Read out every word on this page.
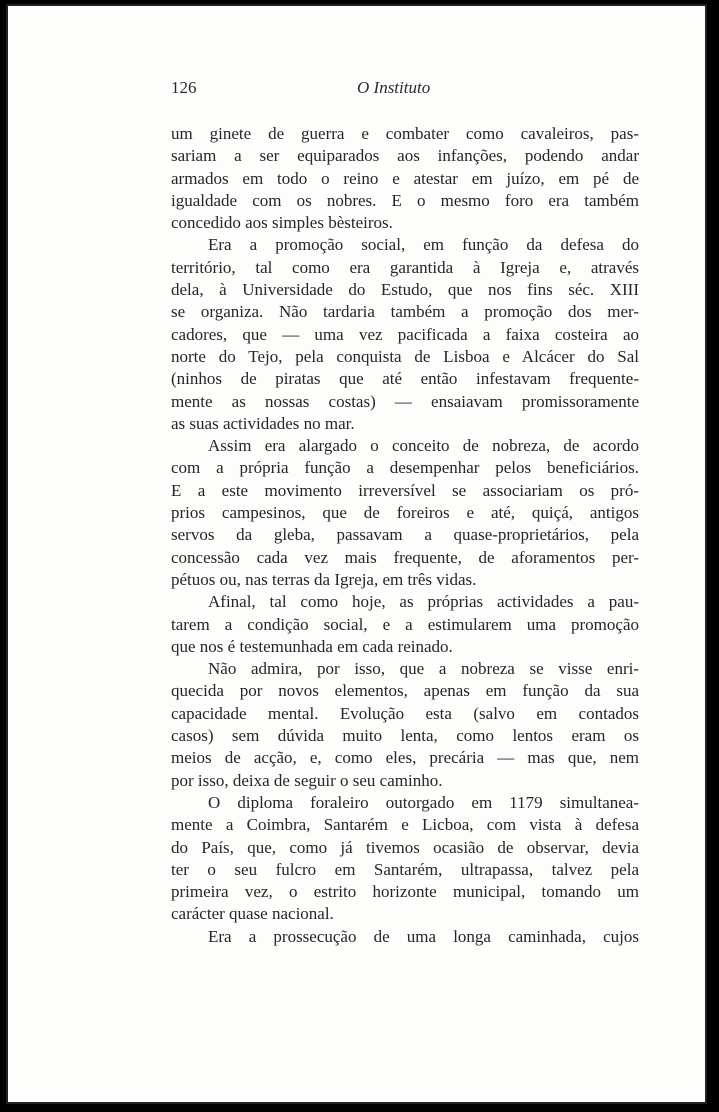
126	O Instituto
um ginete de guerra e combater como cavaleiros, pas-
sariam a ser equiparados aos infanções, podendo andar
armados em todo o reino e atestar em juízo, em pé de
igualdade com os nobres. E o mesmo foro era também
concedido aos simples bèsteiros.
Era a promoção social, em função da defesa do
território, tal como era garantida à Igreja e, através
dela, à Universidade do Estudo, que nos fins séc. XIII
se organiza. Não tardaria também a promoção dos mer-
cadores, que — uma vez pacificada a faixa costeira ao
norte do Tejo, pela conquista de Lisboa e Alcácer do Sal
(ninhos de piratas que até então infestavam frequente-
mente as nossas costas) — ensaiavam promissoramente
as suas actividades no mar.
Assim era alargado o conceito de nobreza, de acordo
com a própria função a desempenhar pelos beneficiários.
E a este movimento irreversível se associariam os pró-
prios campesinos, que de foreiros e até, quiçá, antigos
servos da gleba, passavam a quase-proprietários, pela
concessão cada vez mais frequente, de aforamentos per-
pétuos ou, nas terras da Igreja, em três vidas.
Afinal, tal como hoje, as próprias actividades a pau-
tarem a condição social, e a estimularem uma promoção
que nos é testemunhada em cada reinado.
Não admira, por isso, que a nobreza se visse enri-
quecida por novos elementos, apenas em função da sua
capacidade mental. Evolução esta (salvo em contados
casos) sem dúvida muito lenta, como lentos eram os
meios de acção, e, como eles, precária — mas que, nem
por isso, deixa de seguir o seu caminho.
O diploma foraleiro outorgado em 1179 simultanea-
mente a Coimbra, Santarém e Licboa, com vista à defesa
do País, que, como já tivemos ocasião de observar, devia
ter o seu fulcro em Santarém, ultrapassa, talvez pela
primeira vez, o estrito horizonte municipal, tomando um
carácter quase nacional.
Era a prossecução de uma longa caminhada, cujos
